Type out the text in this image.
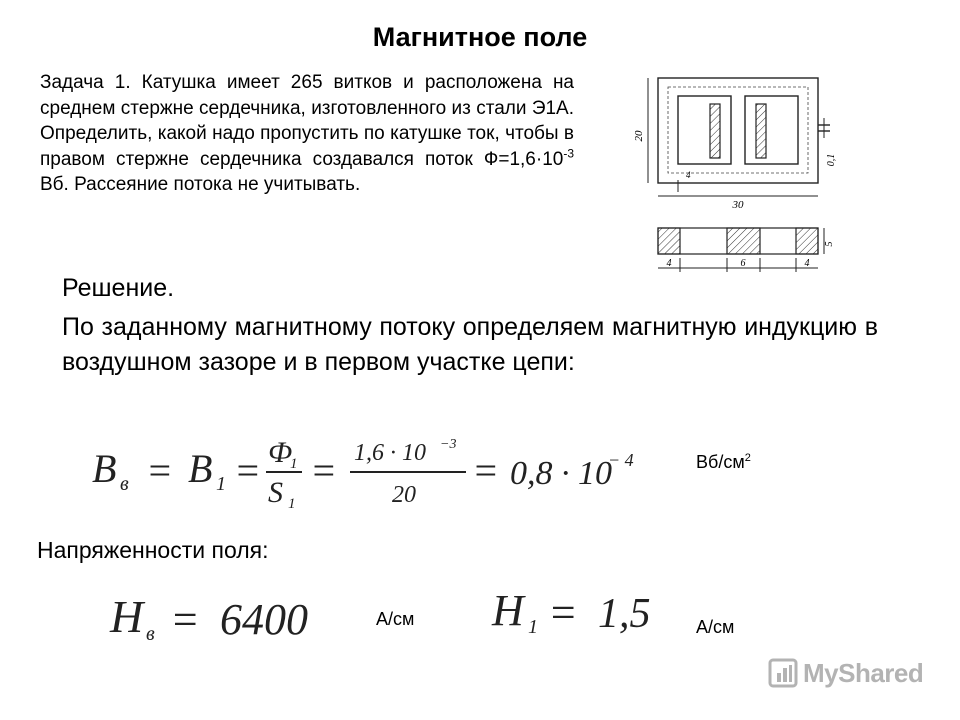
Магнитное поле
Задача 1. Катушка имеет 265 витков и расположена на среднем стержне сердечника, изготовленного из стали Э1А. Определить, какой надо пропустить по катушке ток, чтобы в правом стержне сердечника создавался поток $Ф=1,6\cdot 10^{-3}$ Вб. Рассеяние потока не учитывать.
20
30
0,1
4
5
4	6	4
Решение.
По заданному магнитному потоку определяем магнитную индукцию в воздушном зазоре и в первом участке цепи:
B в = B 1 = Ф
1
S 1
= 1,6 · 10 −3
20
= 0,8 · 10
− 4	$Вб/см^2$
Напряженности поля:
H в = 6400	А/см H 1 = 1,5	А/см
MyShared
